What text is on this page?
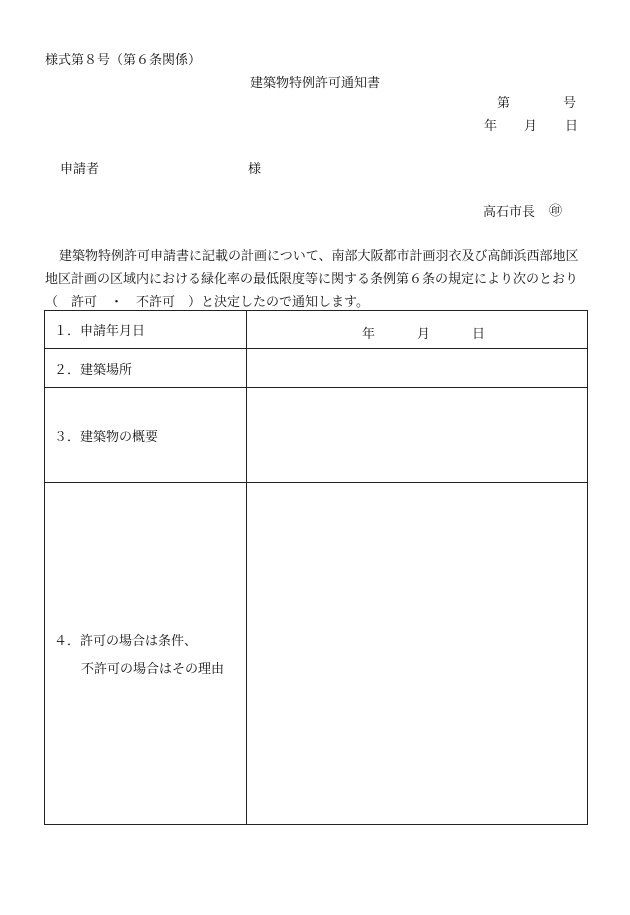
様式第８号（第６条関係）
建築物特例許可通知書
第	号
年 月 日
申請者	様
高石市長 ㊞
建築物特例許可申請書に記載の計画について、南部大阪都市計画羽衣及び高師浜西部地区地区計画の区域内における緑化率の最低限度等に関する条例第６条の規定により次のとおり（　許可　・　不許可　）と決定したので通知します。
１．申請年月日	年 月 日

２．建築場所	
３．建築物の概要	
４．許可の場合は条件、
不許可の場合はその理由	
